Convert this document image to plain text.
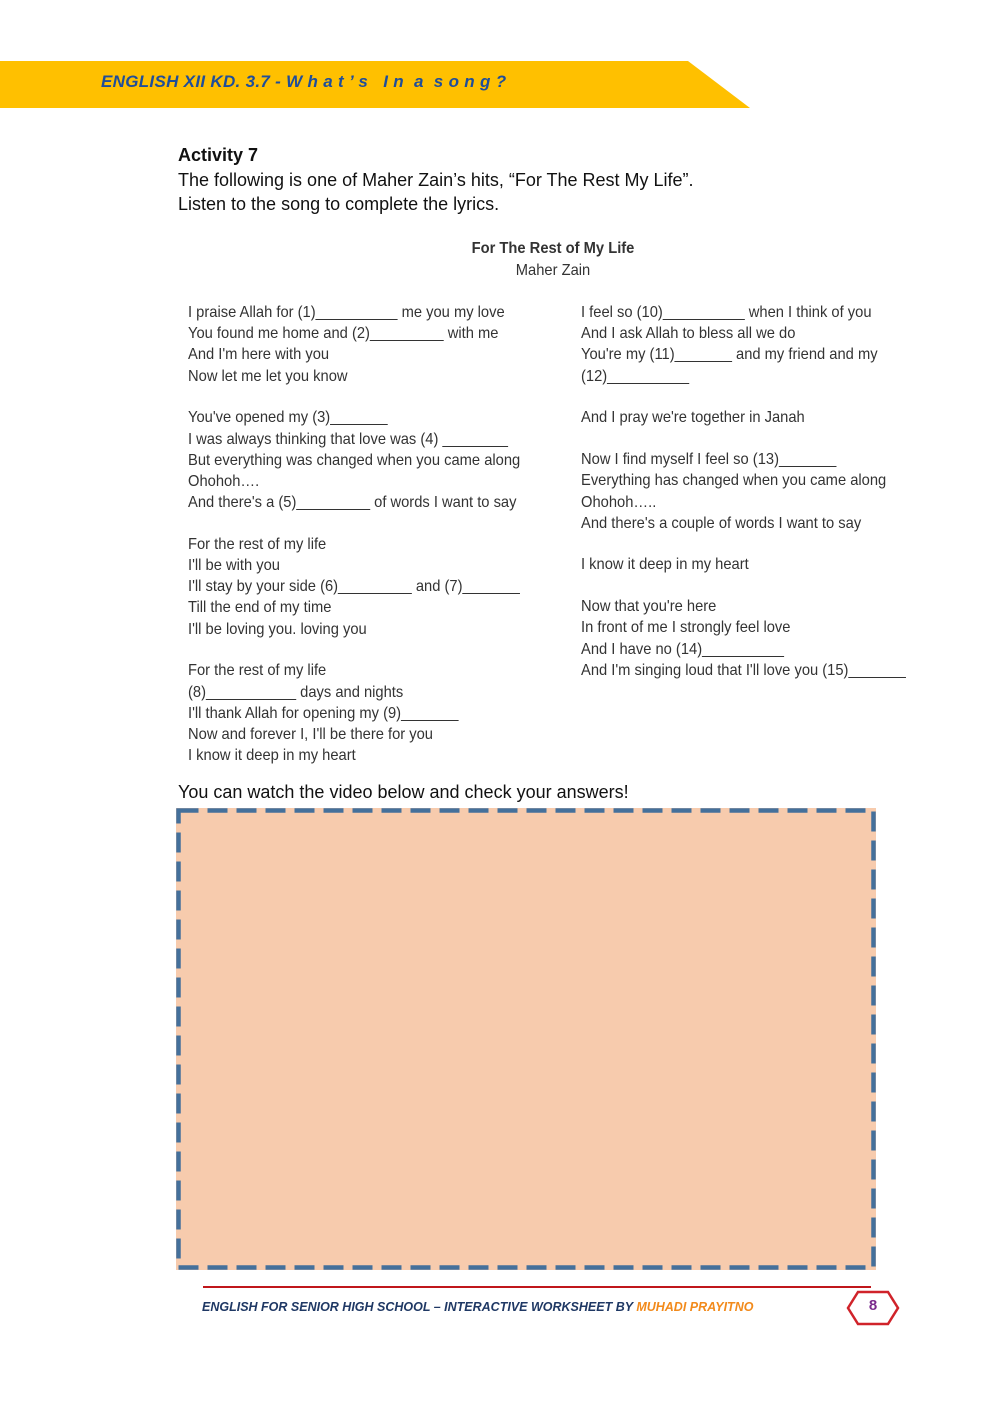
ENGLISH XII KD. 3.7 - W h a t ’ s   I n  a  s o n g ?
Activity 7
The following is one of Maher Zain’s hits, “For The Rest My Life”.
Listen to the song to complete the lyrics.
For The Rest of My Life
Maher Zain
I praise Allah for (1)__________ me you my love
You found me home and (2)_________ with me
And I'm here with you
Now let me let you know
You've opened my (3)_______
I was always thinking that love was (4) ________
But everything was changed when you came along
Ohohoh….
And there's a (5)_________ of words I want to say
For the rest of my life
I'll be with you
I'll stay by your side (6)_________ and (7)_______
Till the end of my time
I'll be loving you. loving you
For the rest of my life
(8)___________ days and nights
I'll thank Allah for opening my (9)_______
Now and forever I, I'll be there for you
I know it deep in my heart
I feel so (10)__________ when I think of you
And I ask Allah to bless all we do
You're my (11)_______ and my friend and my
(12)__________
And I pray we're together in Janah
Now I find myself I feel so (13)_______
Everything has changed when you came along
Ohohoh…..
And there's a couple of words I want to say
I know it deep in my heart
Now that you're here
In front of me I strongly feel love
And I have no (14)__________
And I'm singing loud that I'll love you (15)_______
You can watch the video below and check your answers!
ENGLISH FOR SENIOR HIGH SCHOOL – INTERACTIVE WORKSHEET BY MUHADI PRAYITNO	8
